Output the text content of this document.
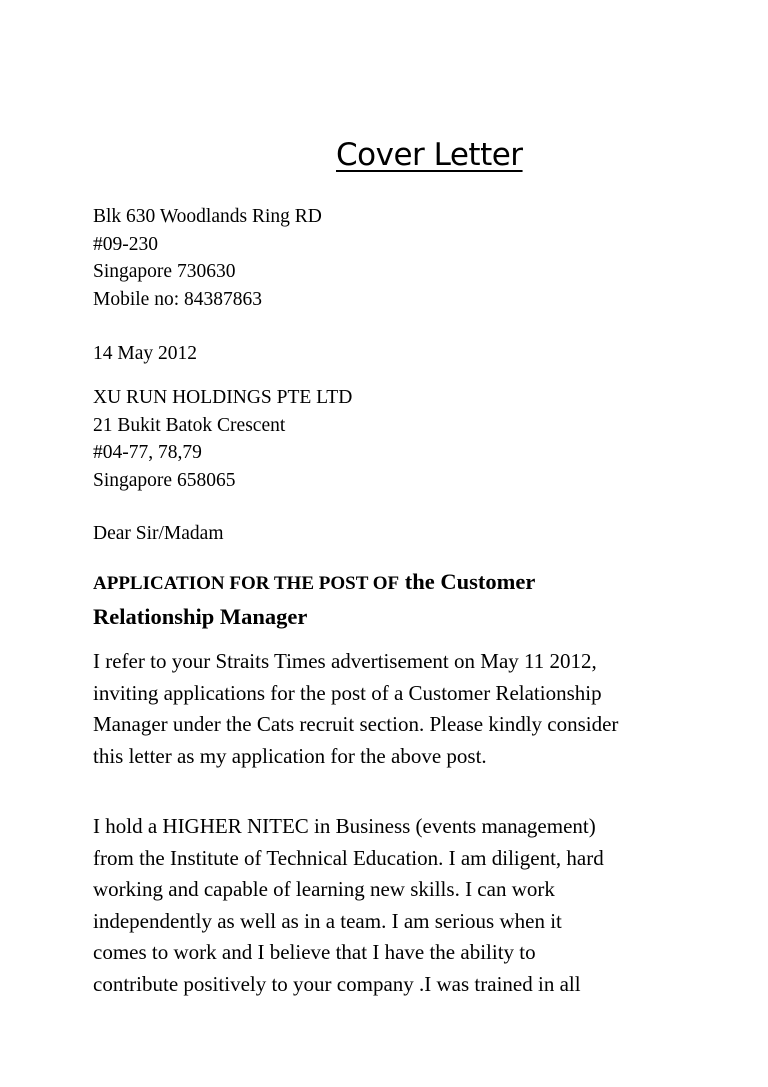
Cover Letter
Blk 630 Woodlands Ring RD
#09-230
Singapore 730630
Mobile no: 84387863
14 May 2012
XU RUN HOLDINGS PTE LTD
21 Bukit Batok Crescent
#04-77, 78,79
Singapore 658065
Dear Sir/Madam
APPLICATION FOR THE POST OF the Customer
Relationship Manager
I refer to your Straits Times advertisement on May 11 2012,
inviting applications for the post of a Customer Relationship
Manager under the Cats recruit section. Please kindly consider
this letter as my application for the above post.
I hold a HIGHER NITEC in Business (events management)
from the Institute of Technical Education. I am diligent, hard
working and capable of learning new skills. I can work
independently as well as in a team. I am serious when it
comes to work and I believe that I have the ability to
contribute positively to your company .I was trained in all
